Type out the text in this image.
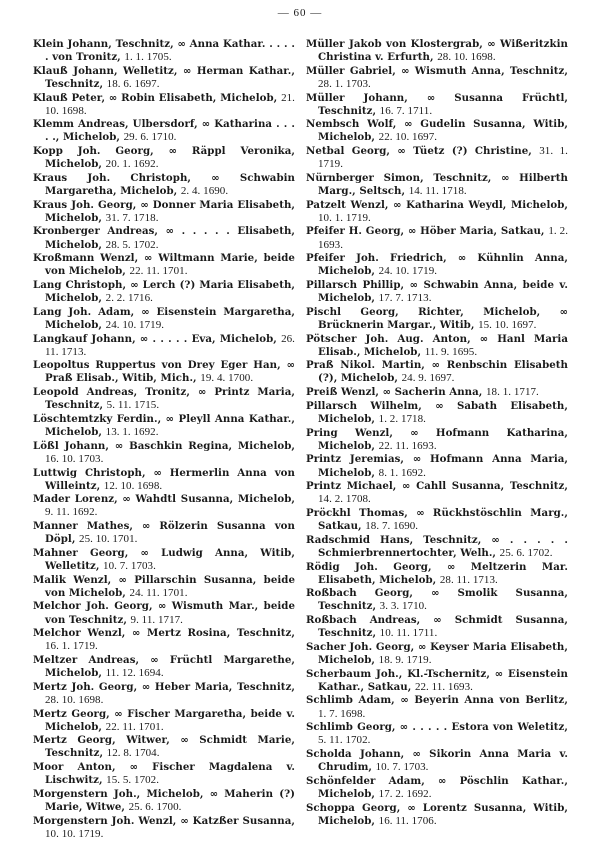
— 60 —
Klein Johann, Teschnitz, ∞ Anna Kathar. . . . . . von Tronitz, 1. 1. 1705.
Klauß Johann, Welletitz, ∞ Herman Kathar., Teschnitz, 18. 6. 1697.
Klauß Peter, ∞ Robin Elisabeth, Michelob, 21. 10. 1698.
Klemm Andreas, Ulbersdorf, ∞ Katharina . . . . ., Michelob, 29. 6. 1710.
Kopp Joh. Georg, ∞ Räppl Veronika, Michelob, 20. 1. 1692.
Kraus Joh. Christoph, ∞ Schwabin Margaretha, Michelob, 2. 4. 1690.
Kraus Joh. Georg, ∞ Donner Maria Elisabeth, Michelob, 31. 7. 1718.
Kronberger Andreas, ∞ . . . . . Elisabeth, Michelob, 28. 5. 1702.
Kroßmann Wenzl, ∞ Wiltmann Marie, beide von Michelob, 22. 11. 1701.
Lang Christoph, ∞ Lerch (?) Maria Elisabeth, Michelob, 2. 2. 1716.
Lang Joh. Adam, ∞ Eisenstein Margaretha, Michelob, 24. 10. 1719.
Langkauf Johann, ∞ . . . . . Eva, Michelob, 26. 11. 1713.
Leopoltus Ruppertus von Drey Eger Han, ∞ Praß Elisab., Witib, Mich., 19. 4. 1700.
Leopold Andreas, Tronitz, ∞ Printz Maria, Teschnitz, 5. 11. 1715.
Löschtemtzky Ferdin., ∞ Pleyll Anna Kathar., Michelob, 13. 1. 1692.
Lößl Johann, ∞ Baschkin Regina, Michelob, 16. 10. 1703.
Luttwig Christoph, ∞ Hermerlin Anna von Willeintz, 12. 10. 1698.
Mader Lorenz, ∞ Wahdtl Susanna, Michelob, 9. 11. 1692.
Manner Mathes, ∞ Rölzerin Susanna von Döpl, 25. 10. 1701.
Mahner Georg, ∞ Ludwig Anna, Witib, Welletitz, 10. 7. 1703.
Malik Wenzl, ∞ Pillarschin Susanna, beide von Michelob, 24. 11. 1701.
Melchor Joh. Georg, ∞ Wismuth Mar., beide von Teschnitz, 9. 11. 1717.
Melchor Wenzl, ∞ Mertz Rosina, Teschnitz, 16. 1. 1719.
Meltzer Andreas, ∞ Früchtl Margarethe, Michelob, 11. 12. 1694.
Mertz Joh. Georg, ∞ Heber Maria, Teschnitz, 28. 10. 1698.
Mertz Georg, ∞ Fischer Margaretha, beide v. Michelob, 22. 11. 1701.
Mertz Georg, Witwer, ∞ Schmidt Marie, Teschnitz, 12. 8. 1704.
Moor Anton, ∞ Fischer Magdalena v. Lischwitz, 15. 5. 1702.
Morgenstern Joh., Michelob, ∞ Maherin (?) Marie, Witwe, 25. 6. 1700.
Morgenstern Joh. Wenzl, ∞ Katzßer Susanna, 10. 10. 1719.
Müller Jakob von Klostergrab, ∞ Wißeritzkin Christina v. Erfurth, 28. 10. 1698.
Müller Gabriel, ∞ Wismuth Anna, Teschnitz, 28. 1. 1703.
Müller Johann, ∞ Susanna Früchtl, Teschnitz, 16. 7. 1711.
Nembsch Wolf, ∞ Gudelin Susanna, Witib, Michelob, 22. 10. 1697.
Netbal Georg, ∞ Tüetz (?) Christine, 31. 1. 1719.
Nürnberger Simon, Teschnitz, ∞ Hilberth Marg., Seltsch, 14. 11. 1718.
Patzelt Wenzl, ∞ Katharina Weydl, Michelob, 10. 1. 1719.
Pfeifer H. Georg, ∞ Höber Maria, Satkau, 1. 2. 1693.
Pfeifer Joh. Friedrich, ∞ Kühnlin Anna, Michelob, 24. 10. 1719.
Pillarsch Phillip, ∞ Schwabin Anna, beide v. Michelob, 17. 7. 1713.
Pischl Georg, Richter, Michelob, ∞ Brücknerin Margar., Witib, 15. 10. 1697.
Pötscher Joh. Aug. Anton, ∞ Hanl Maria Elisab., Michelob, 11. 9. 1695.
Praß Nikol. Martin, ∞ Renbschin Elisabeth (?), Michelob, 24. 9. 1697.
Preiß Wenzl, ∞ Sacherin Anna, 18. 1. 1717.
Pillarsch Wilhelm, ∞ Sabath Elisabeth, Michelob, 1. 2. 1718.
Pring Wenzl, ∞ Hofmann Katharina, Michelob, 22. 11. 1693.
Printz Jeremias, ∞ Hofmann Anna Maria, Michelob, 8. 1. 1692.
Printz Michael, ∞ Cahll Susanna, Teschnitz, 14. 2. 1708.
Pröckhl Thomas, ∞ Rückhstöschlin Marg., Satkau, 18. 7. 1690.
Radschmid Hans, Teschnitz, ∞ . . . . . Schmierbrennertochter, Welh., 25. 6. 1702.
Rödig Joh. Georg, ∞ Meltzerin Mar. Elisabeth, Michelob, 28. 11. 1713.
Roßbach Georg, ∞ Smolik Susanna, Teschnitz, 3. 3. 1710.
Roßbach Andreas, ∞ Schmidt Susanna, Teschnitz, 10. 11. 1711.
Sacher Joh. Georg, ∞ Keyser Maria Elisabeth, Michelob, 18. 9. 1719.
Scherbaum Joh., Kl.-Tschernitz, ∞ Eisenstein Kathar., Satkau, 22. 11. 1693.
Schlimb Adam, ∞ Beyerin Anna von Berlitz, 1. 7. 1698.
Schlimb Georg, ∞ . . . . . Estora von Weletitz, 5. 11. 1702.
Scholda Johann, ∞ Sikorin Anna Maria v. Chrudim, 10. 7. 1703.
Schönfelder Adam, ∞ Pöschlin Kathar., Michelob, 17. 2. 1692.
Schoppa Georg, ∞ Lorentz Susanna, Witib, Michelob, 16. 11. 1706.
